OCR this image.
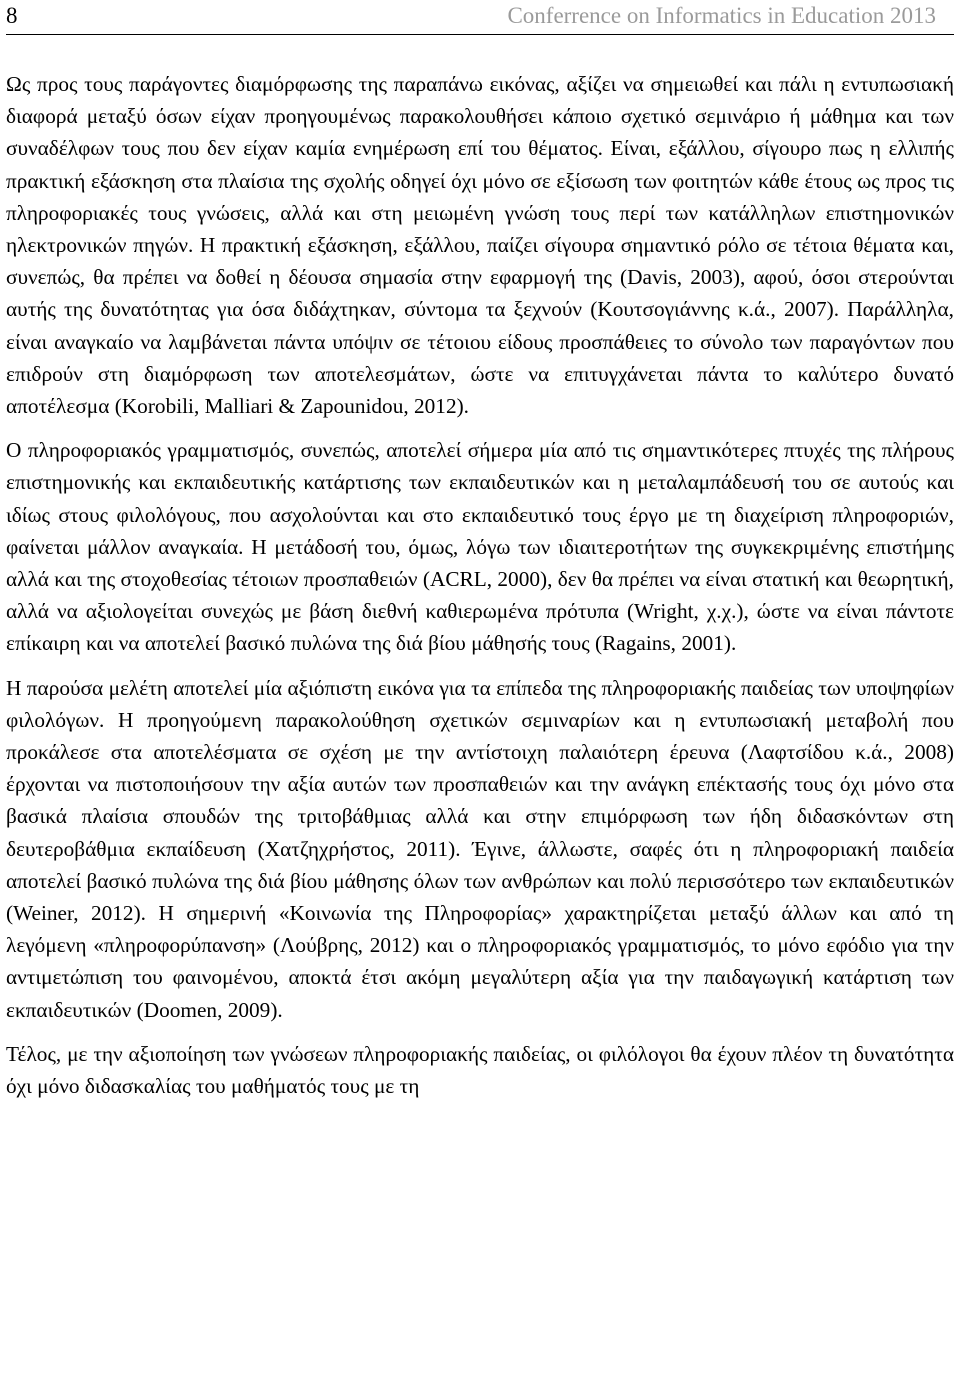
8	Conferrence on Informatics in Education 2013

Ως προς τους παράγοντες διαμόρφωσης της παραπάνω εικόνας, αξίζει να σημειωθεί και πάλι η εντυπωσιακή διαφορά μεταξύ όσων είχαν προηγουμένως παρακολουθήσει κάποιο σχετικό σεμινάριο ή μάθημα και των συναδέλφων τους που δεν είχαν καμία ενημέρωση επί του θέματος. Είναι, εξάλλου, σίγουρο πως η ελλιπής πρακτική εξάσκηση στα πλαίσια της σχολής οδηγεί όχι μόνο σε εξίσωση των φοιτητών κάθε έτους ως προς τις πληροφοριακές τους γνώσεις, αλλά και στη μειωμένη γνώση τους περί των κατάλληλων επιστημονικών ηλεκτρονικών πηγών. Η πρακτική εξάσκηση, εξάλλου, παίζει σίγουρα σημαντικό ρόλο σε τέτοια θέματα και, συνεπώς, θα πρέπει να δοθεί η δέουσα σημασία στην εφαρμογή της (Davis, 2003), αφού, όσοι στερούνται αυτής της δυνατότητας για όσα διδάχτηκαν, σύντομα τα ξεχνούν (Κουτσογιάννης κ.ά., 2007). Παράλληλα, είναι αναγκαίο να λαμβάνεται πάντα υπόψιν σε τέτοιου είδους προσπάθειες το σύνολο των παραγόντων που επιδρούν στη διαμόρφωση των αποτελεσμάτων, ώστε να επιτυγχάνεται πάντα το καλύτερο δυνατό αποτέλεσμα (Korobili, Malliari & Zapounidou, 2012).

Ο πληροφοριακός γραμματισμός, συνεπώς, αποτελεί σήμερα μία από τις σημαντικότερες πτυχές της πλήρους επιστημονικής και εκπαιδευτικής κατάρτισης των εκπαιδευτικών και η μεταλαμπάδευσή του σε αυτούς και ιδίως στους φιλολόγους, που ασχολούνται και στο εκπαιδευτικό τους έργο με τη διαχείριση πληροφοριών, φαίνεται μάλλον αναγκαία. Η μετάδοσή του, όμως, λόγω των ιδιαιτεροτήτων της συγκεκριμένης επιστήμης αλλά και της στοχοθεσίας τέτοιων προσπαθειών (ACRL, 2000), δεν θα πρέπει να είναι στατική και θεωρητική, αλλά να αξιολογείται συνεχώς με βάση διεθνή καθιερωμένα πρότυπα (Wright, χ.χ.), ώστε να είναι πάντοτε επίκαιρη και να αποτελεί βασικό πυλώνα της διά βίου μάθησής τους (Ragains, 2001).

Η παρούσα μελέτη αποτελεί μία αξιόπιστη εικόνα για τα επίπεδα της πληροφοριακής παιδείας των υποψηφίων φιλολόγων. Η προηγούμενη παρακολούθηση σχετικών σεμιναρίων και η εντυπωσιακή μεταβολή που προκάλεσε στα αποτελέσματα σε σχέση με την αντίστοιχη παλαιότερη έρευνα (Λαφτσίδου κ.ά., 2008) έρχονται να πιστοποιήσουν την αξία αυτών των προσπαθειών και την ανάγκη επέκτασής τους όχι μόνο στα βασικά πλαίσια σπουδών της τριτοβάθμιας αλλά και στην επιμόρφωση των ήδη διδασκόντων στη δευτεροβάθμια εκπαίδευση (Χατζηχρήστος, 2011). Έγινε, άλλωστε, σαφές ότι η πληροφοριακή παιδεία αποτελεί βασικό πυλώνα της διά βίου μάθησης όλων των ανθρώπων και πολύ περισσότερο των εκπαιδευτικών (Weiner, 2012). Η σημερινή «Κοινωνία της Πληροφορίας» χαρακτηρίζεται μεταξύ άλλων και από τη λεγόμενη «πληροφορύπανση» (Λούβρης, 2012) και ο πληροφοριακός γραμματισμός, το μόνο εφόδιο για την αντιμετώπιση του φαινομένου, αποκτά έτσι ακόμη μεγαλύτερη αξία για την παιδαγωγική κατάρτιση των εκπαιδευτικών (Doomen, 2009).

Τέλος, με την αξιοποίηση των γνώσεων πληροφοριακής παιδείας, οι φιλόλογοι θα έχουν πλέον τη δυνατότητα όχι μόνο διδασκαλίας του μαθήματός τους με τη
